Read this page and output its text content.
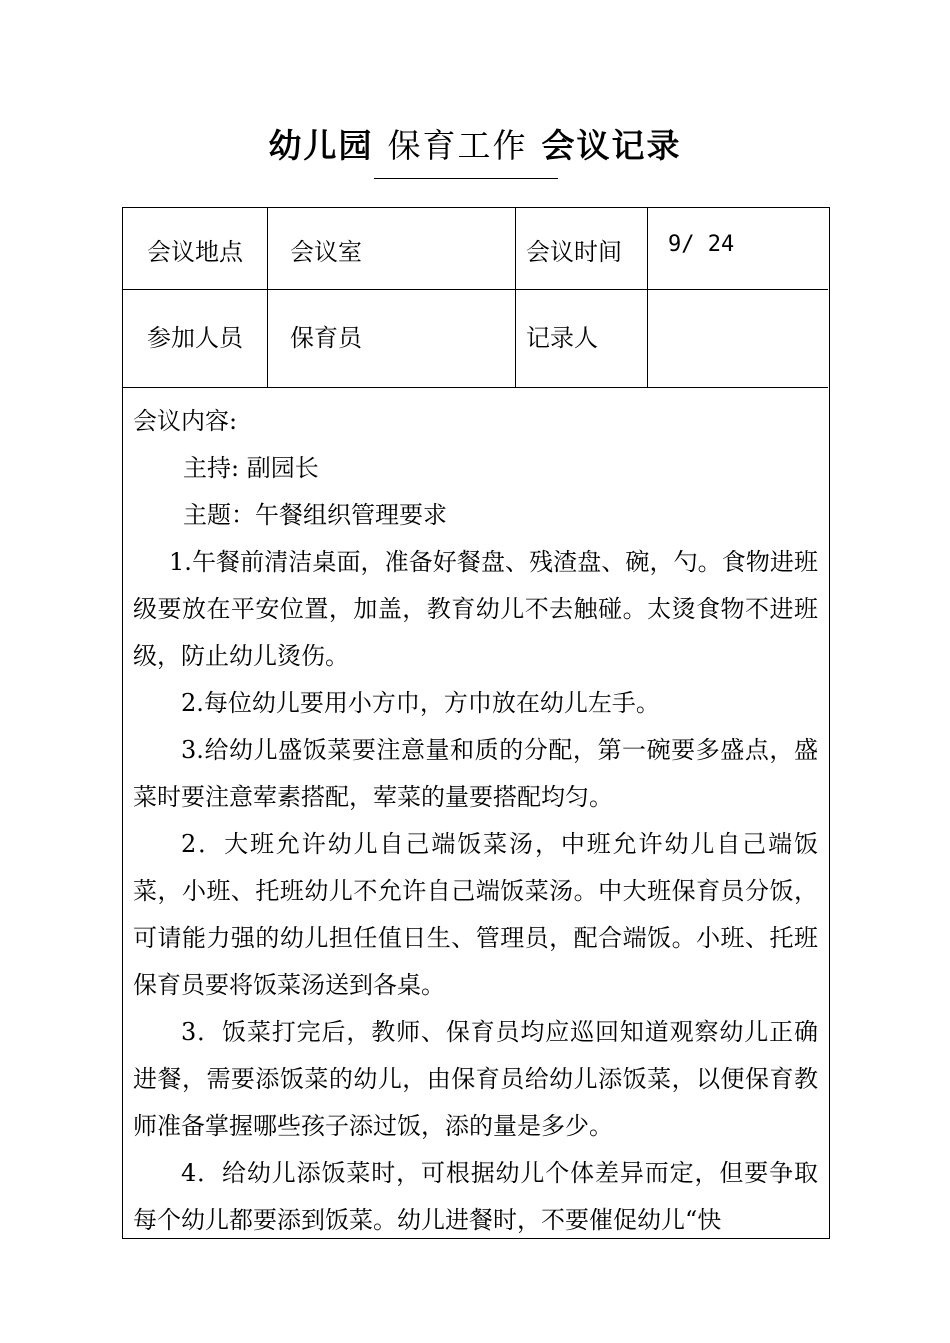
幼儿园 保育工作 会议记录
会议地点	会议室	会议时间	9/ 24
参加人员	保育员	记录人

会议内容:

主持: 副园长

主题：午餐组织管理要求

1.午餐前清洁桌面，准备好餐盘、残渣盘、碗，勺。食物进班级要放在平安位置，加盖，教育幼儿不去触碰。太烫食物不进班级，防止幼儿烫伤。

2.每位幼儿要用小方巾，方巾放在幼儿左手。

3.给幼儿盛饭菜要注意量和质的分配，第一碗要多盛点，盛菜时要注意荤素搭配，荤菜的量要搭配均匀。

2．大班允许幼儿自己端饭菜汤，中班允许幼儿自己端饭菜，小班、托班幼儿不允许自己端饭菜汤。中大班保育员分饭，可请能力强的幼儿担任值日生、管理员，配合端饭。小班、托班保育员要将饭菜汤送到各桌。

3．饭菜打完后，教师、保育员均应巡回知道观察幼儿正确进餐，需要添饭菜的幼儿，由保育员给幼儿添饭菜，以便保育教师准备掌握哪些孩子添过饭，添的量是多少。

4．给幼儿添饭菜时，可根据幼儿个体差异而定，但要争取每个幼儿都要添到饭菜。幼儿进餐时，不要催促幼儿“快
